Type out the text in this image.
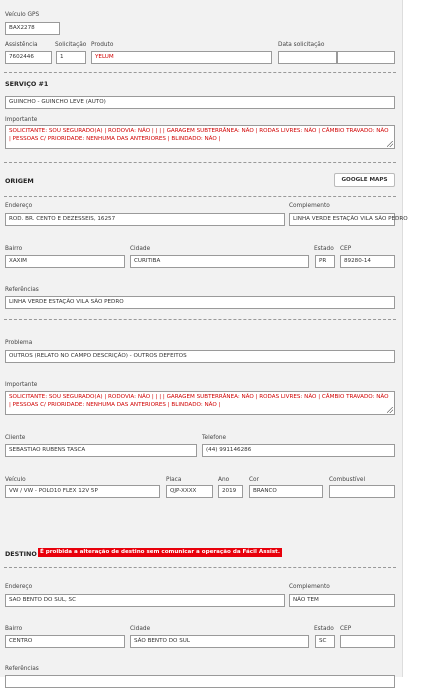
Veículo GPS
BAX2278
Assistência
7602446
Solicitação
1
Produto
YELUM
Data solicitação
SERVIÇO #1
GUINCHO - GUINCHO LEVE (AUTO)
Importante
SOLICITANTE: SOU SEGURADO(A) | RODOVIA: NÃO | | | | GARAGEM SUBTERRÂNEA: NÃO | RODAS LIVRES: NÃO | CÂMBIO TRAVADO: NÃO | PESSOAS C/ PRIORIDADE: NENHUMA DAS ANTERIORES | BLINDADO: NÃO |
ORIGEM	GOOGLE MAPS
Endereço
ROD. BR. CENTO E DEZESSEIS, 16257
Complemento
LINHA VERDE ESTAÇÃO VILA SÃO PEDRO
Bairro
XAXIM
Cidade
CURITIBA
Estado
PR
CEP
89280-14
Referências
LINHA VERDE ESTAÇÃO VILA SÃO PEDRO
Problema
OUTROS (RELATO NO CAMPO DESCRIÇÃO) - OUTROS DEFEITOS
Importante
SOLICITANTE: SOU SEGURADO(A) | RODOVIA: NÃO | | | | GARAGEM SUBTERRÂNEA: NÃO | RODAS LIVRES: NÃO | CÂMBIO TRAVADO: NÃO | PESSOAS C/ PRIORIDADE: NENHUMA DAS ANTERIORES | BLINDADO: NÃO |
Cliente
SEBASTIAO RUBENS TASCA
Telefone
(44) 991146286
Veículo
VW / VW - POLO10 FLEX 12V 5P
Placa
QJP-XXXX
Ano
2019
Cor
BRANCO
Combustível
DESTINO É proibida a alteração de destino sem comunicar a operação da Fácil Assist.
Endereço
SAO BENTO DO SUL, SC
Complemento
NÃO TEM
Bairro
CENTRO
Cidade
SÃO BENTO DO SUL
Estado
SC
CEP
Referências
